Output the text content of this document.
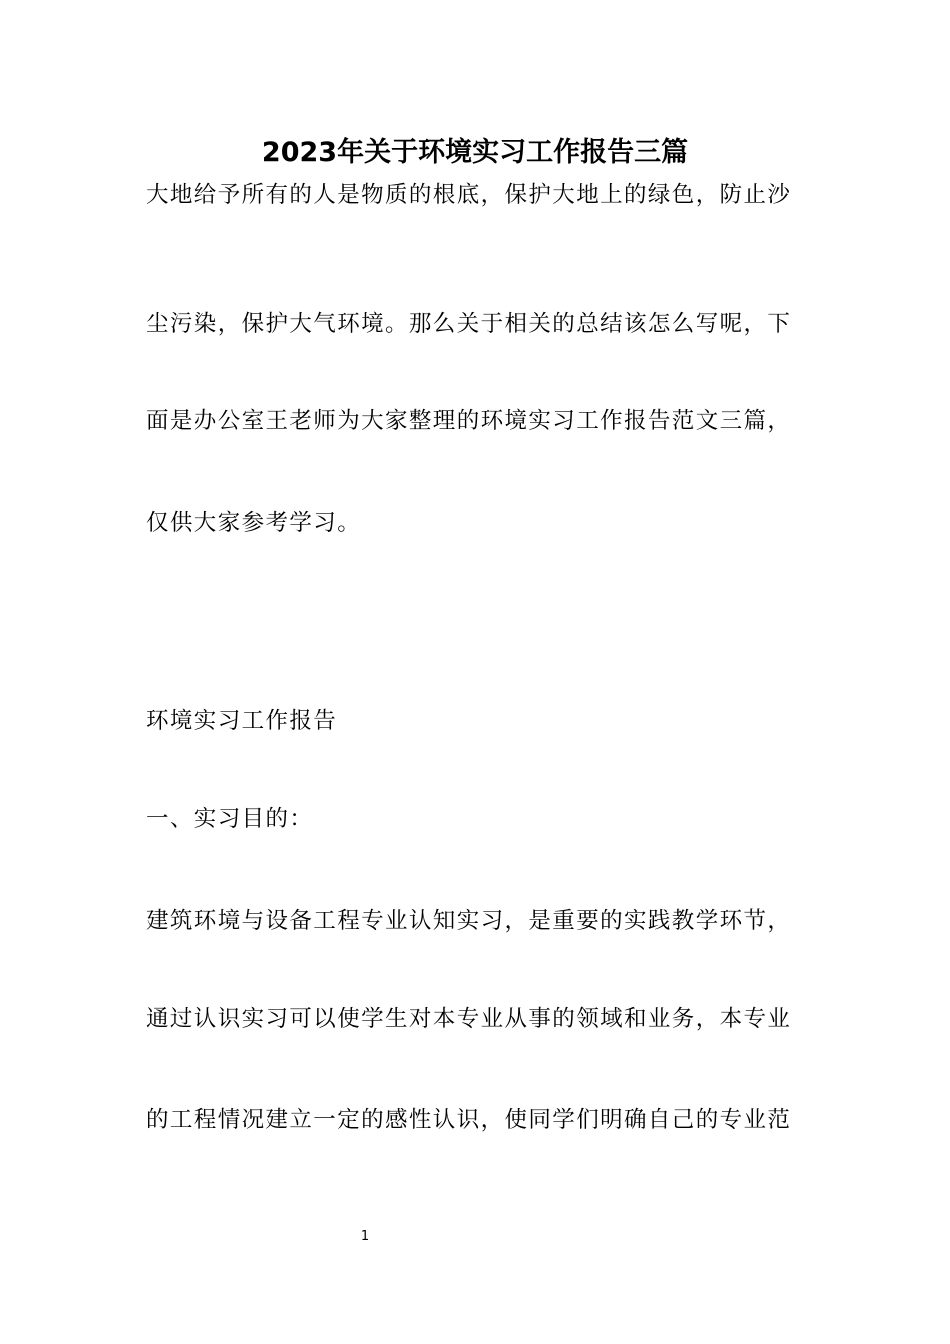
2023年关于环境实习工作报告三篇
大地给予所有的人是物质的根底，保护大地上的绿色，防止沙
尘污染，保护大气环境。那么关于相关的总结该怎么写呢，下
面是办公室王老师为大家整理的环境实习工作报告范文三篇，
仅供大家参考学习。
环境实习工作报告
一、实习目的：
建筑环境与设备工程专业认知实习，是重要的实践教学环节，
通过认识实习可以使学生对本专业从事的领域和业务，本专业
的工程情况建立一定的感性认识，使同学们明确自己的专业范
1
